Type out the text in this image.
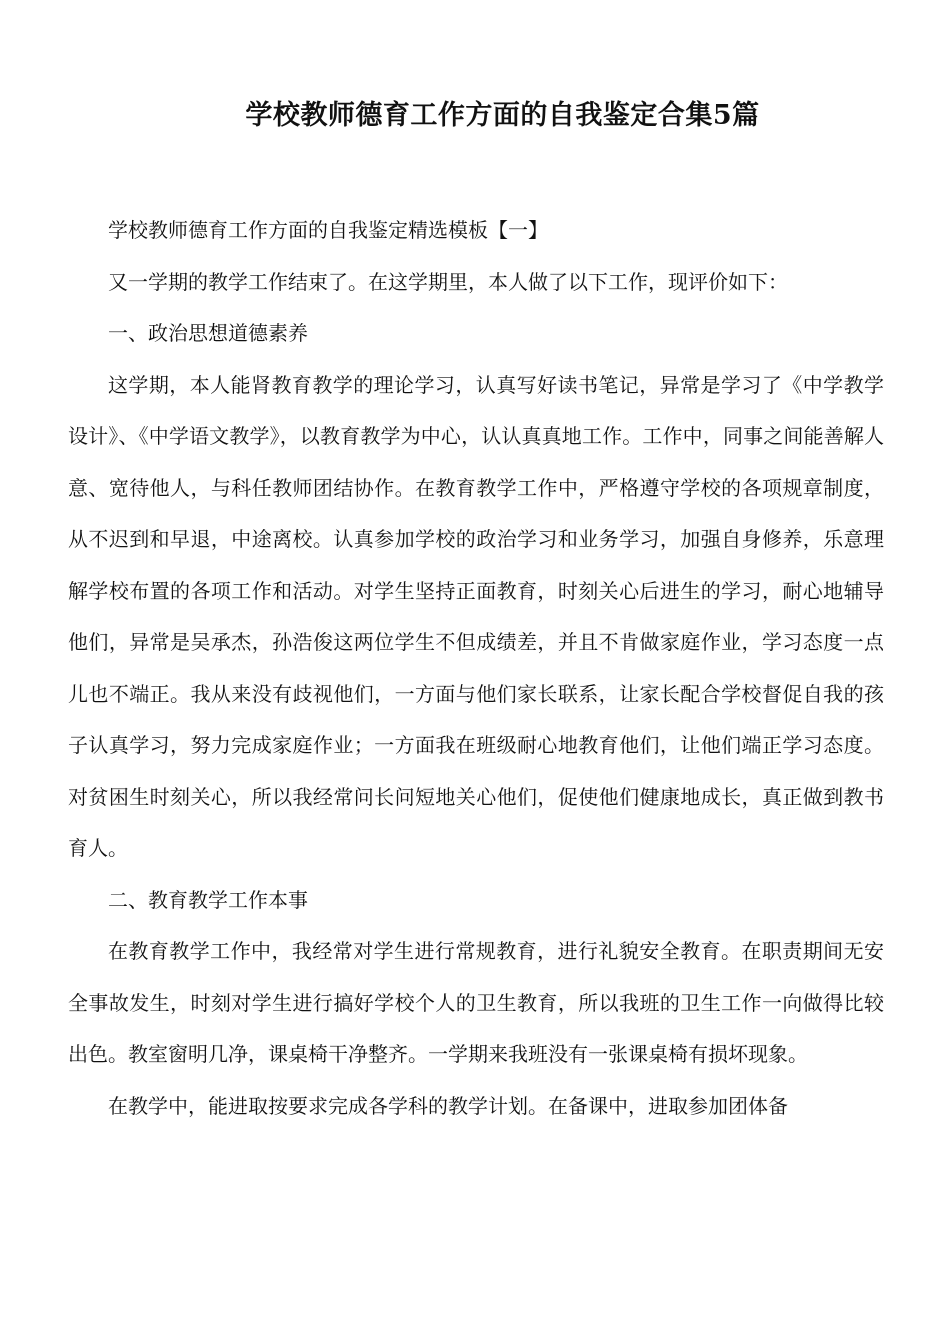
学校教师德育工作方面的自我鉴定合集5篇

学校教师德育工作方面的自我鉴定精选模板【一】

又一学期的教学工作结束了。在这学期里，本人做了以下工作，现评价如下：

一、政治思想道德素养

这学期，本人能肾教育教学的理论学习，认真写好读书笔记，异常是学习了《中学教学设计》、《中学语文教学》，以教育教学为中心，认认真真地工作。工作中，同事之间能善解人意、宽待他人，与科任教师团结协作。在教育教学工作中，严格遵守学校的各项规章制度，从不迟到和早退，中途离校。认真参加学校的政治学习和业务学习，加强自身修养，乐意理解学校布置的各项工作和活动。对学生坚持正面教育，时刻关心后进生的学习，耐心地辅导他们，异常是吴承杰，孙浩俊这两位学生不但成绩差，并且不肯做家庭作业，学习态度一点儿也不端正。我从来没有歧视他们，一方面与他们家长联系，让家长配合学校督促自我的孩子认真学习，努力完成家庭作业；一方面我在班级耐心地教育他们，让他们端正学习态度。对贫困生时刻关心，所以我经常问长问短地关心他们，促使他们健康地成长，真正做到教书育人。

二、教育教学工作本事

在教育教学工作中，我经常对学生进行常规教育，进行礼貌安全教育。在职责期间无安全事故发生，时刻对学生进行搞好学校个人的卫生教育，所以我班的卫生工作一向做得比较出色。教室窗明几净，课桌椅干净整齐。一学期来我班没有一张课桌椅有损坏现象。

在教学中，能进取按要求完成各学科的教学计划。在备课中，进取参加团体备
